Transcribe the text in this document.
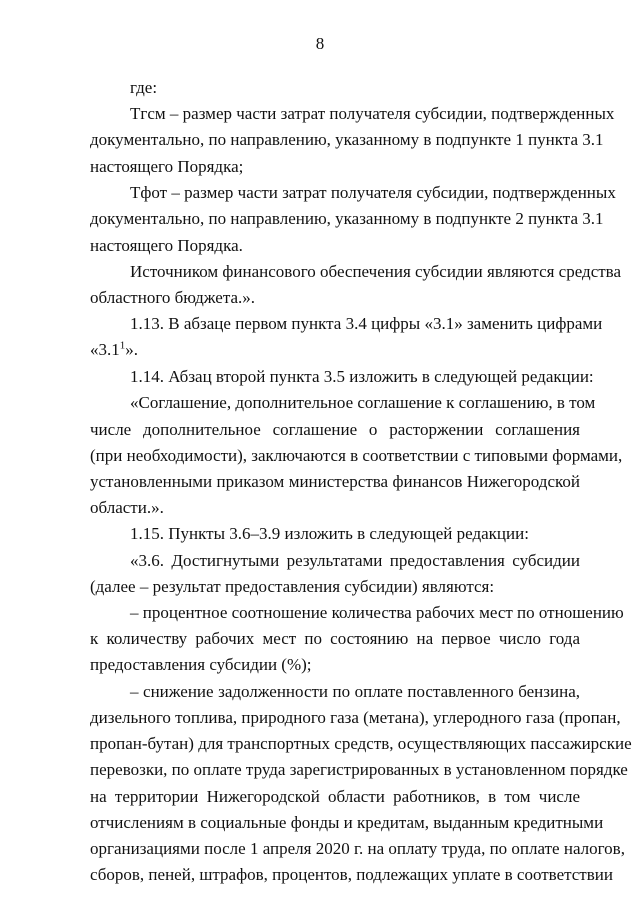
8
где:
Тгсм – размер части затрат получателя субсидии, подтвержденных
документально, по направлению, указанному в подпункте 1 пункта 3.1
настоящего Порядка;
Тфот – размер части затрат получателя субсидии, подтвержденных
документально, по направлению, указанному в подпункте 2 пункта 3.1
настоящего Порядка.
Источником финансового обеспечения субсидии являются средства
областного бюджета.».
1.13. В абзаце первом пункта 3.4 цифры «3.1» заменить цифрами
«$3.1^1$».
1.14. Абзац второй пункта 3.5 изложить в следующей редакции:
«Соглашение, дополнительное соглашение к соглашению, в том
числе дополнительное соглашение о расторжении соглашения
(при необходимости), заключаются в соответствии с типовыми формами,
установленными приказом министерства финансов Нижегородской
области.».
1.15. Пункты 3.6–3.9 изложить в следующей редакции:
«3.6. Достигнутыми результатами предоставления субсидии
(далее – результат предоставления субсидии) являются:
– процентное соотношение количества рабочих мест по отношению
к количеству рабочих мест по состоянию на первое число года
предоставления субсидии (%);
– снижение задолженности по оплате поставленного бензина,
дизельного топлива, природного газа (метана), углеродного газа (пропан,
пропан-бутан) для транспортных средств, осуществляющих пассажирские
перевозки, по оплате труда зарегистрированных в установленном порядке
на территории Нижегородской области работников, в том числе
отчислениям в социальные фонды и кредитам, выданным кредитными
организациями после 1 апреля 2020 г. на оплату труда, по оплате налогов,
сборов, пеней, штрафов, процентов, подлежащих уплате в соответствии
